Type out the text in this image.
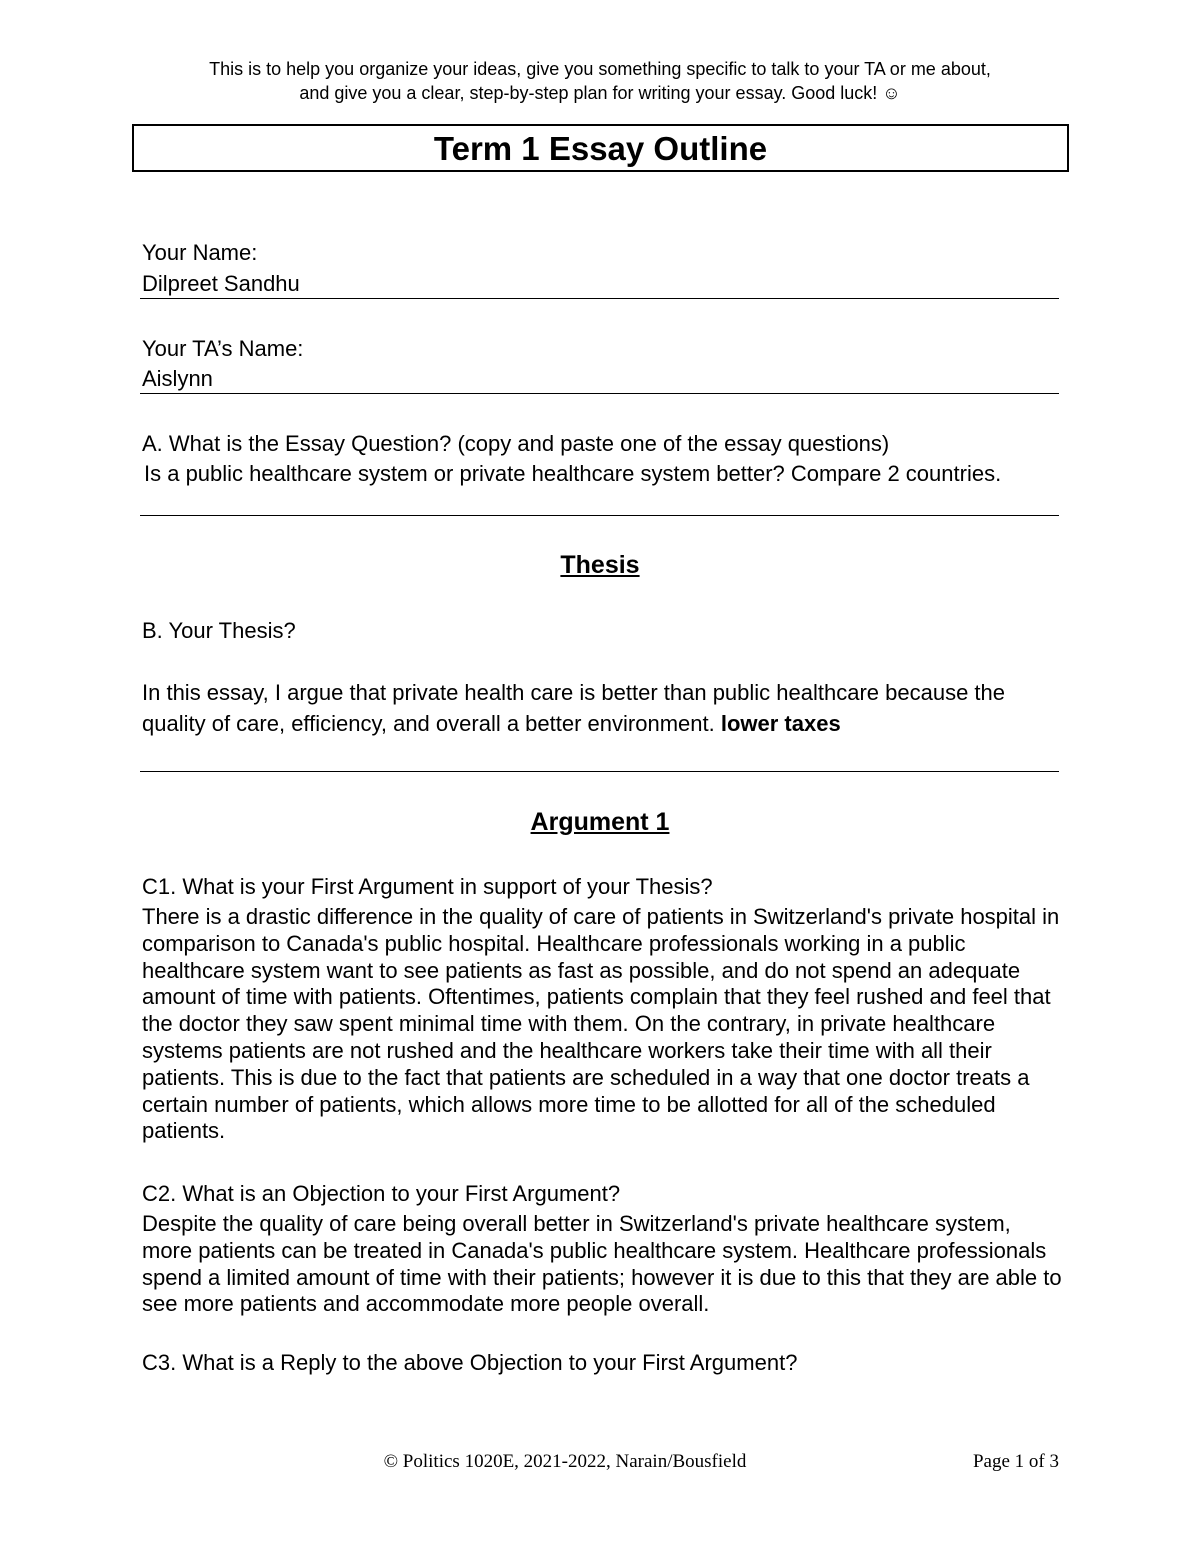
This is to help you organize your ideas, give you something specific to talk to your TA or me about,
and give you a clear, step-by-step plan for writing your essay. Good luck! ☺
Term 1 Essay Outline
Your Name:
Dilpreet Sandhu
Your TA’s Name:
Aislynn
A. What is the Essay Question? (copy and paste one of the essay questions)
Is a public healthcare system or private healthcare system better? Compare 2 countries.
Thesis
B. Your Thesis?
In this essay, I argue that private health care is better than public healthcare because the quality of care, efficiency, and overall a better environment. lower taxes
Argument 1
C1. What is your First Argument in support of your Thesis?
There is a drastic difference in the quality of care of patients in Switzerland's private hospital in comparison to Canada's public hospital. Healthcare professionals working in a public healthcare system want to see patients as fast as possible, and do not spend an adequate amount of time with patients. Oftentimes, patients complain that they feel rushed and feel that the doctor they saw spent minimal time with them. On the contrary, in private healthcare systems patients are not rushed and the healthcare workers take their time with all their patients. This is due to the fact that patients are scheduled in a way that one doctor treats a certain number of patients, which allows more time to be allotted for all of the scheduled patients.
C2. What is an Objection to your First Argument?
Despite the quality of care being overall better in Switzerland's private healthcare system, more patients can be treated in Canada's public healthcare system. Healthcare professionals spend a limited amount of time with their patients; however it is due to this that they are able to see more patients and accommodate more people overall.
C3. What is a Reply to the above Objection to your First Argument?
© Politics 1020E, 2021-2022, Narain/Bousfield	Page 1 of 3
